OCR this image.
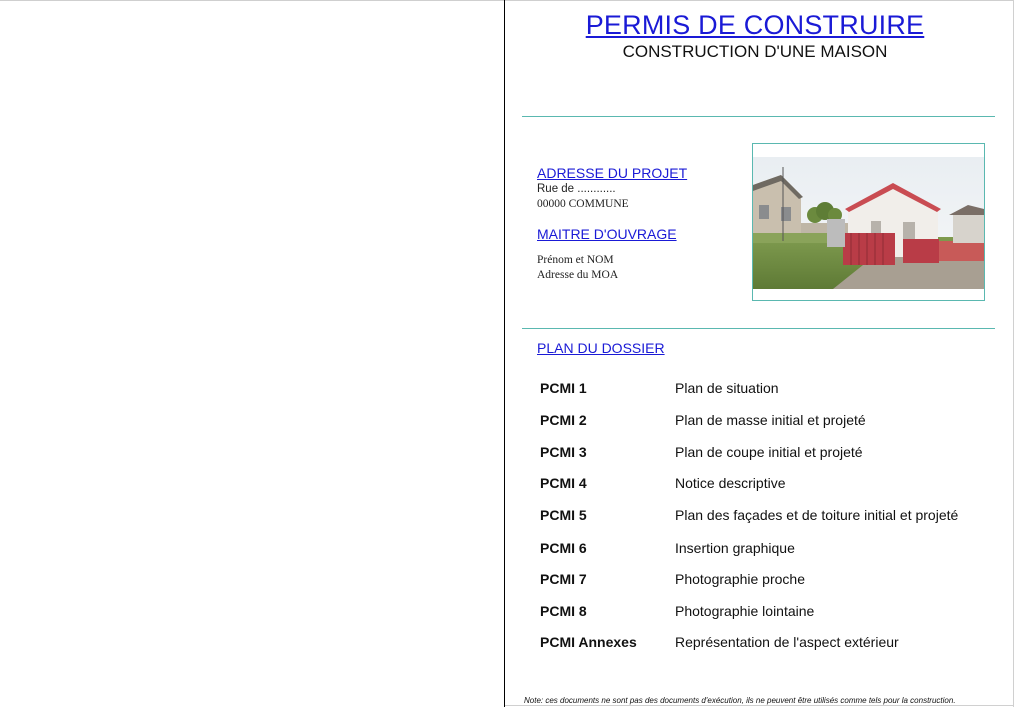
PERMIS DE CONSTRUIRE
CONSTRUCTION D'UNE MAISON
ADRESSE DU PROJET
Rue de ............
00000 COMMUNE
MAITRE D'OUVRAGE
Prénom et NOM
Adresse du MOA
PLAN DU DOSSIER
PCMI 1	Plan de situation
PCMI 2	Plan de masse initial et projeté
PCMI 3	Plan de coupe initial et projeté
PCMI 4	Notice descriptive
PCMI 5	Plan des façades et de toiture initial et projeté
PCMI 6	Insertion graphique
PCMI 7	Photographie proche
PCMI 8	Photographie lointaine
PCMI Annexes	Représentation de l'aspect extérieur
Note: ces documents ne sont pas des documents d'exécution, ils ne peuvent être utilisés comme tels pour la construction.
